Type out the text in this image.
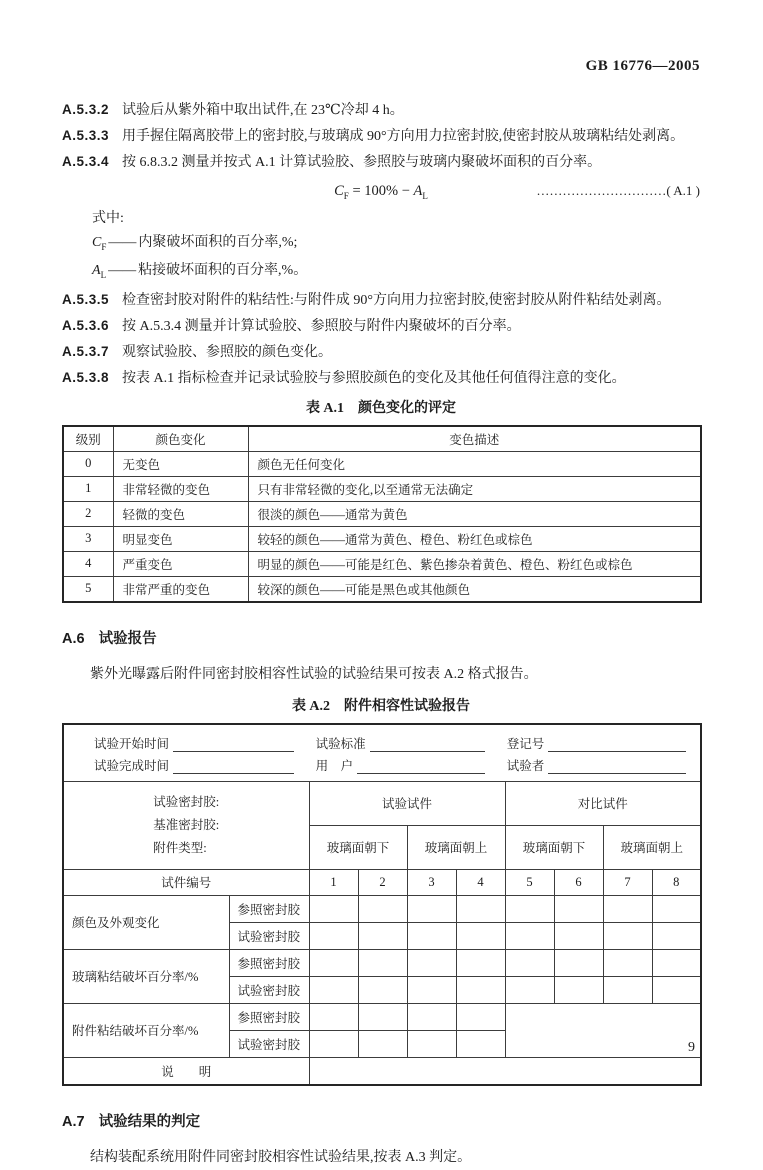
GB 16776—2005

A.5.3.2 试验后从紫外箱中取出试件,在 23℃冷却 4 h。

A.5.3.3 用手握住隔离胶带上的密封胶,与玻璃成 90°方向用力拉密封胶,使密封胶从玻璃粘结处剥离。

A.5.3.4 按 6.8.3.2 测量并按式 A.1 计算试验胶、参照胶与玻璃内聚破坏面积的百分率。

$C_F = 100\% - A_L$	…………………………( A.1 )

式中:

$C_F$ —— 内聚破坏面积的百分率,%;

$A_L$ —— 粘接破坏面积的百分率,%。

A.5.3.5 检查密封胶对附件的粘结性:与附件成 90°方向用力拉密封胶,使密封胶从附件粘结处剥离。

A.5.3.6 按 A.5.3.4 测量并计算试验胶、参照胶与附件内聚破坏的百分率。

A.5.3.7 观察试验胶、参照胶的颜色变化。

A.5.3.8 按表 A.1 指标检查并记录试验胶与参照胶颜色的变化及其他任何值得注意的变化。

表 A.1　颜色变化的评定
级别	颜色变化	变色描述
0	无变色	颜色无任何变化
1	非常轻微的变色	只有非常轻微的变化,以至通常无法确定
2	轻微的变色	很淡的颜色——通常为黄色
3	明显变色	较轻的颜色——通常为黄色、橙色、粉红色或棕色
4	严重变色	明显的颜色——可能是红色、紫色掺杂着黄色、橙色、粉红色或棕色
5	非常严重的变色	较深的颜色——可能是黑色或其他颜色
A.6 试验报告

紫外光曝露后附件同密封胶相容性试验的试验结果可按表 A.2 格式报告。

表 A.2　附件相容性试验报告
试验开始时间	试验标准	登记号
试验完成时间	用　户	试验者

试验密封胶:
基准密封胶:
附件类型:		试验试件				对比试件			
		玻璃面朝下		玻璃面朝上		玻璃面朝下		玻璃面朝上	
试件编号		1	2	3	4	5	6	7	8
颜色及外观变化	参照密封胶								
	试验密封胶								
玻璃粘结破坏百分率/%	参照密封胶								
	试验密封胶								
附件粘结破坏百分率/%	参照密封胶								
	试验密封胶								
说　　明									
A.7 试验结果的判定

结构装配系统用附件同密封胶相容性试验结果,按表 A.3 判定。

9
